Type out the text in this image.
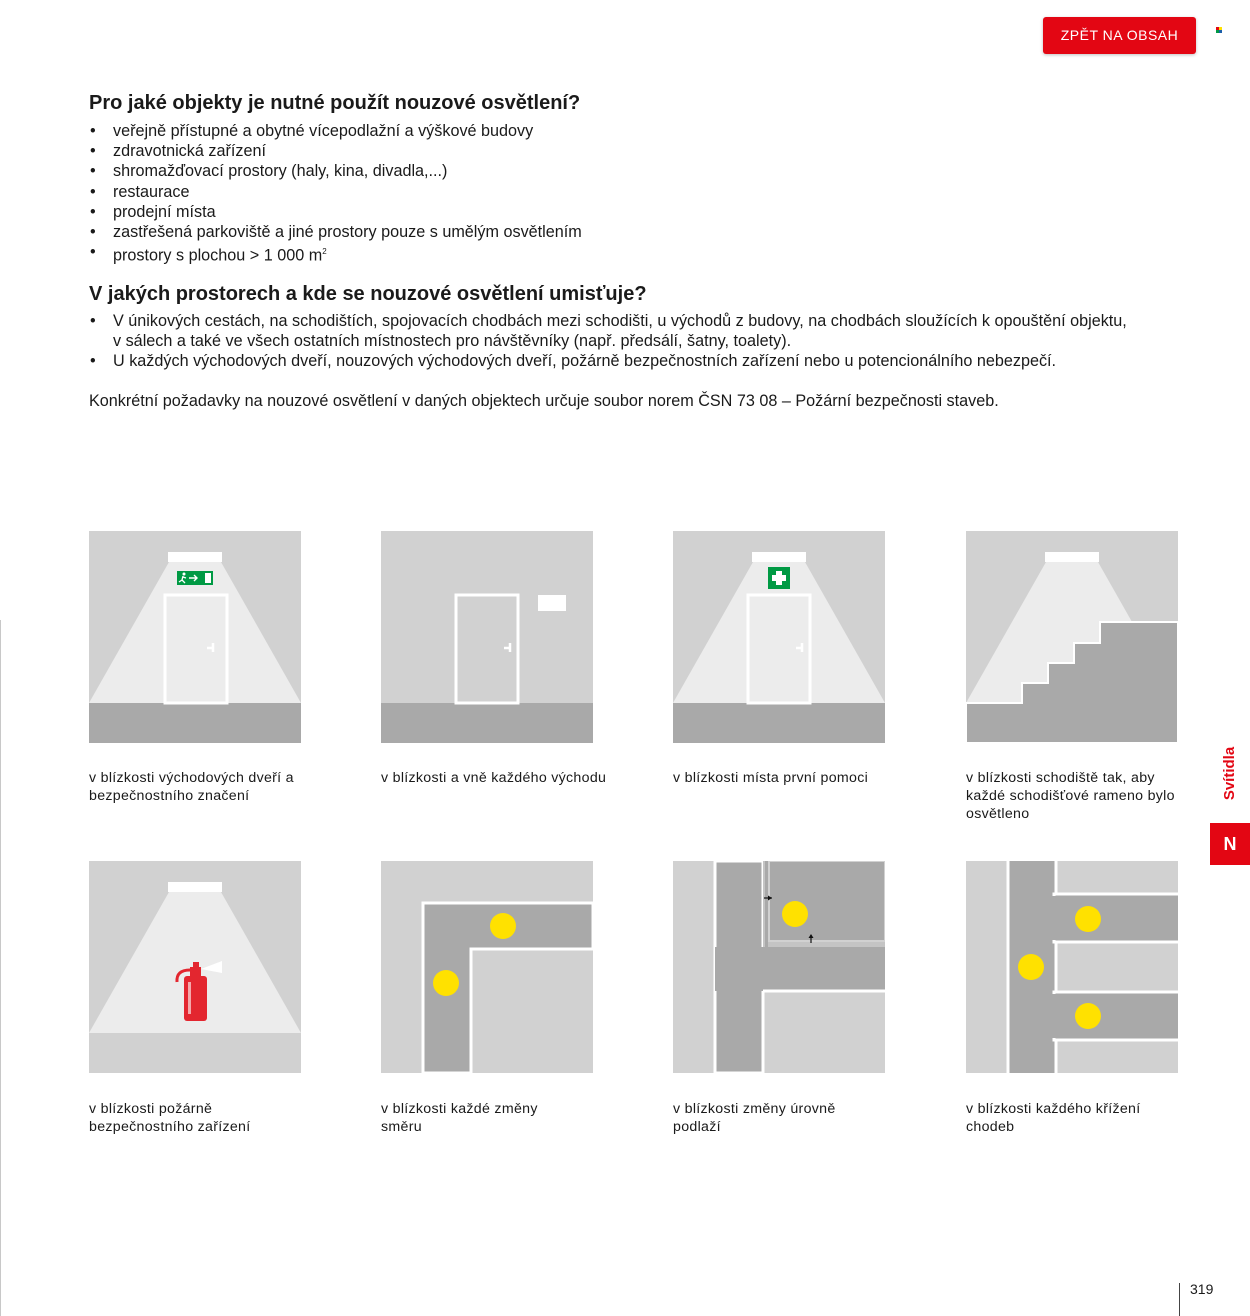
ZPĚT NA OBSAH
Pro jaké objekty je nutné použít nouzové osvětlení?
• veřejně přístupné a obytné vícepodlažní a výškové budovy
• zdravotnická zařízení
• shromažďovací prostory (haly, kina, divadla,...)
• restaurace
• prodejní místa
• zastřešená parkoviště a jiné prostory pouze s umělým osvětlením
• prostory s plochou > 1 000 $m^2$
V jakých prostorech a kde se nouzové osvětlení umisťuje?
• V únikových cestách, na schodištích, spojovacích chodbách mezi schodišti, u východů z budovy, na chodbách sloužících k opouštění objektu, v sálech a také ve všech ostatních místnostech pro návštěvníky (např. předsálí, šatny, toalety).
• U každých východových dveří, nouzových východových dveří, požárně bezpečnostních zařízení nebo u potencionálního nebezpečí.

Konkrétní požadavky na nouzové osvětlení v daných objektech určuje soubor norem ČSN 73 08 – Požární bezpečnosti staveb.

v blízkosti východových dveří a bezpečnostního značení
v blízkosti a vně každého východu	v blízkosti místa první pomoci	v blízkosti schodiště tak, aby každé schodišťové rameno bylo osvětleno
v blízkosti požárně bezpečnostního zařízení
v blízkosti každé změny směru
v blízkosti změny úrovně podlaží
v blízkosti každého křížení chodeb
Svítidla
N
319
